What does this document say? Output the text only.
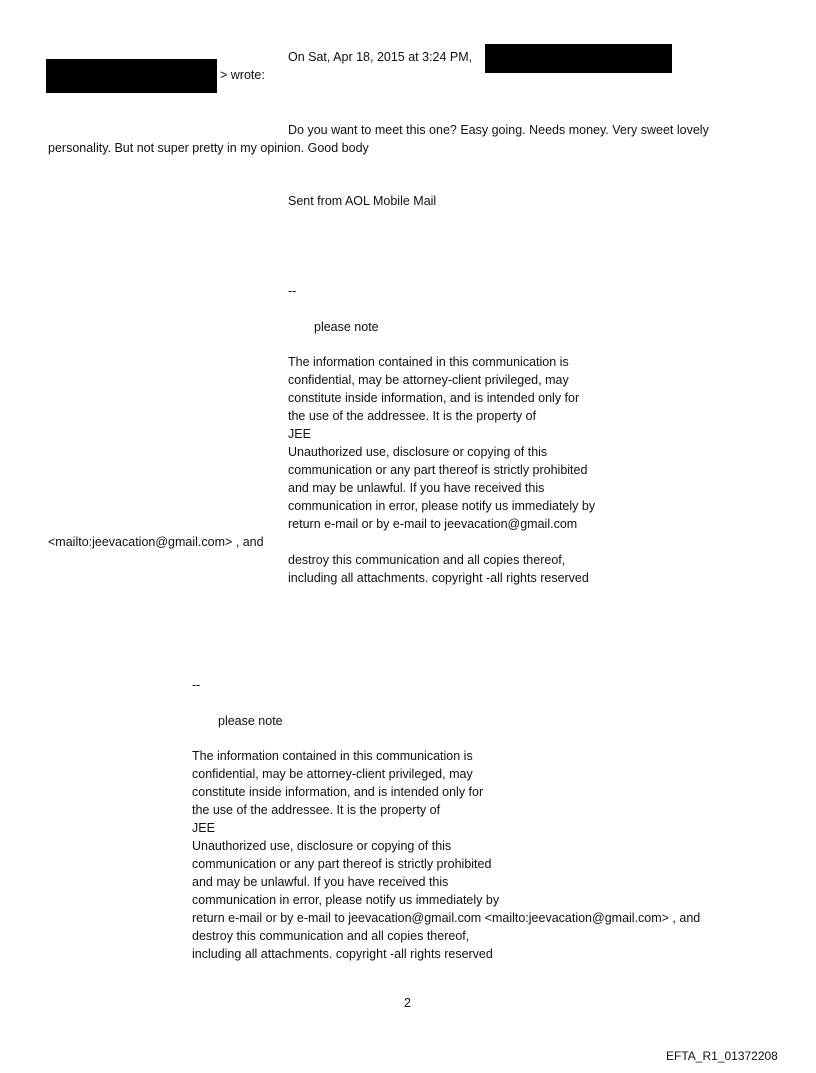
On Sat, Apr 18, 2015 at 3:24 PM,
> wrote:
Do you want to meet this one? Easy going. Needs money. Very sweet lovely
personality. But not super pretty in my opinion. Good body
Sent from AOL Mobile Mail
--
please note
The information contained in this communication is
confidential, may be attorney-client privileged, may
constitute inside information, and is intended only for
the use of the addressee. It is the property of
JEE
Unauthorized use, disclosure or copying of this
communication or any part thereof is strictly prohibited
and may be unlawful. If you have received this
communication in error, please notify us immediately by
return e-mail or by e-mail to jeevacation@gmail.com
<mailto:jeevacation@gmail.com> , and
destroy this communication and all copies thereof,
including all attachments. copyright -all rights reserved
--
please note
The information contained in this communication is
confidential, may be attorney-client privileged, may
constitute inside information, and is intended only for
the use of the addressee. It is the property of
JEE
Unauthorized use, disclosure or copying of this
communication or any part thereof is strictly prohibited
and may be unlawful. If you have received this
communication in error, please notify us immediately by
return e-mail or by e-mail to jeevacation@gmail.com <mailto:jeevacation@gmail.com> , and
destroy this communication and all copies thereof,
including all attachments. copyright -all rights reserved
2
EFTA_R1_01372208
